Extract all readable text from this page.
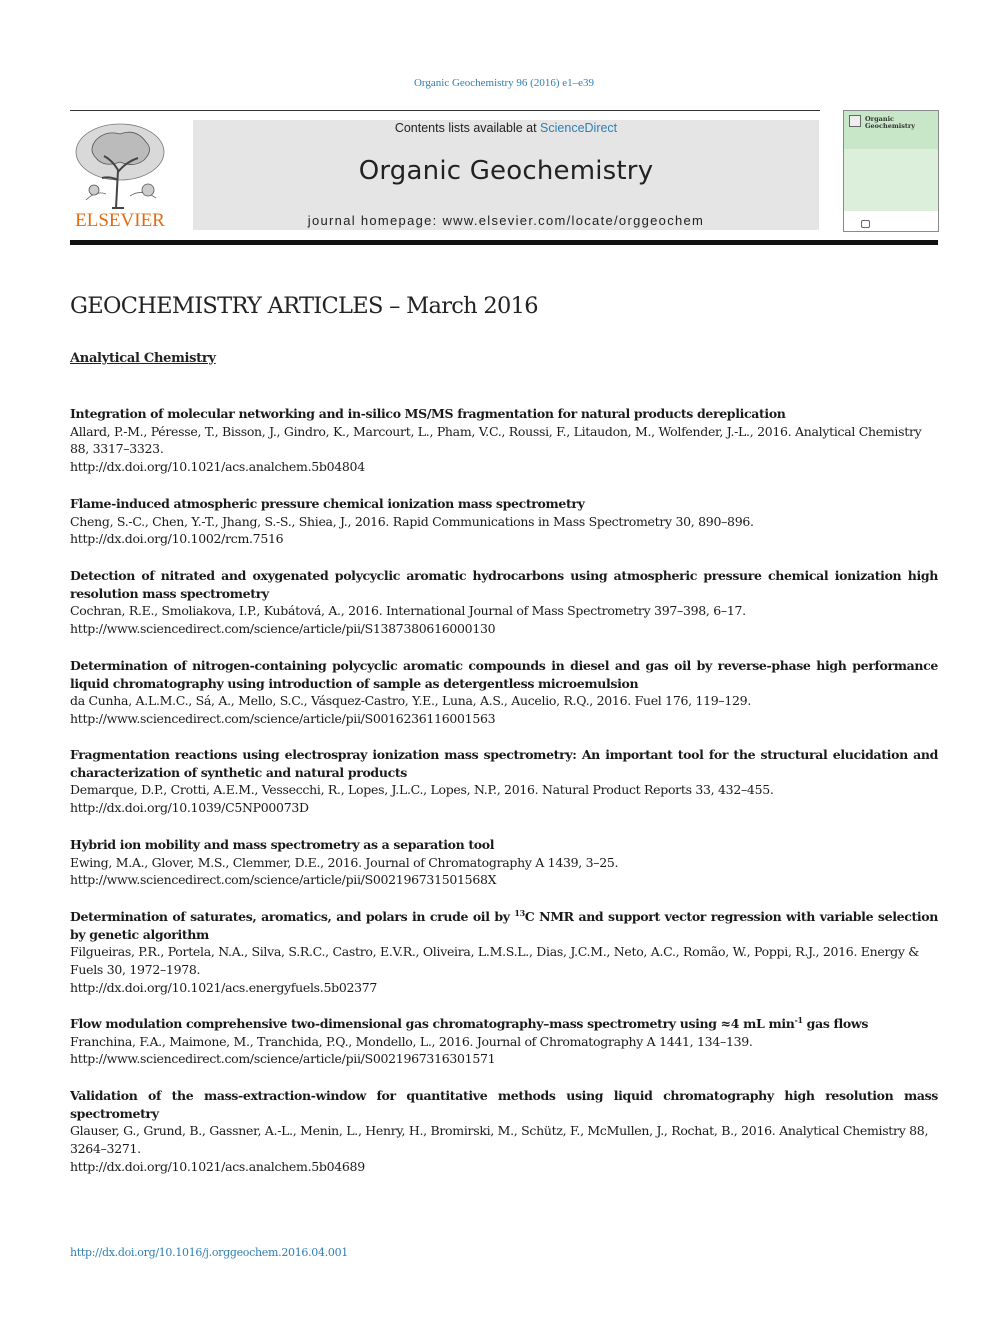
Organic Geochemistry 96 (2016) e1–e39
ELSEVIER
Contents lists available at ScienceDirect
Organic Geochemistry
journal homepage: www.elsevier.com/locate/orggeochem
Organic
Geochemistry
GEOCHEMISTRY ARTICLES – March 2016
Analytical Chemistry
Integration of molecular networking and in-silico MS/MS fragmentation for natural products dereplication
Allard, P.-M., Péresse, T., Bisson, J., Gindro, K., Marcourt, L., Pham, V.C., Roussi, F., Litaudon, M., Wolfender, J.-L., 2016. Analytical Chemistry 88, 3317–3323.
http://dx.doi.org/10.1021/acs.analchem.5b04804
Flame-induced atmospheric pressure chemical ionization mass spectrometry
Cheng, S.-C., Chen, Y.-T., Jhang, S.-S., Shiea, J., 2016. Rapid Communications in Mass Spectrometry 30, 890–896.
http://dx.doi.org/10.1002/rcm.7516
Detection of nitrated and oxygenated polycyclic aromatic hydrocarbons using atmospheric pressure chemical ionization high resolution mass spectrometry
Cochran, R.E., Smoliakova, I.P., Kubátová, A., 2016. International Journal of Mass Spectrometry 397–398, 6–17.
http://www.sciencedirect.com/science/article/pii/S1387380616000130
Determination of nitrogen-containing polycyclic aromatic compounds in diesel and gas oil by reverse-phase high performance liquid chromatography using introduction of sample as detergentless microemulsion
da Cunha, A.L.M.C., Sá, A., Mello, S.C., Vásquez-Castro, Y.E., Luna, A.S., Aucelio, R.Q., 2016. Fuel 176, 119–129.
http://www.sciencedirect.com/science/article/pii/S0016236116001563
Fragmentation reactions using electrospray ionization mass spectrometry: An important tool for the structural elucidation and characterization of synthetic and natural products
Demarque, D.P., Crotti, A.E.M., Vessecchi, R., Lopes, J.L.C., Lopes, N.P., 2016. Natural Product Reports 33, 432–455.
http://dx.doi.org/10.1039/C5NP00073D
Hybrid ion mobility and mass spectrometry as a separation tool
Ewing, M.A., Glover, M.S., Clemmer, D.E., 2016. Journal of Chromatography A 1439, 3–25.
http://www.sciencedirect.com/science/article/pii/S002196731501568X
Determination of saturates, aromatics, and polars in crude oil by $^{13}$C NMR and support vector regression with variable selection by genetic algorithm
Filgueiras, P.R., Portela, N.A., Silva, S.R.C., Castro, E.V.R., Oliveira, L.M.S.L., Dias, J.C.M., Neto, A.C., Romão, W., Poppi, R.J., 2016. Energy & Fuels 30, 1972–1978.
http://dx.doi.org/10.1021/acs.energyfuels.5b02377
Flow modulation comprehensive two-dimensional gas chromatography–mass spectrometry using ≈4 mL $\min^{-1}$ gas flows
Franchina, F.A., Maimone, M., Tranchida, P.Q., Mondello, L., 2016. Journal of Chromatography A 1441, 134–139.
http://www.sciencedirect.com/science/article/pii/S0021967316301571
Validation of the mass-extraction-window for quantitative methods using liquid chromatography high resolution mass spectrometry
Glauser, G., Grund, B., Gassner, A.-L., Menin, L., Henry, H., Bromirski, M., Schütz, F., McMullen, J., Rochat, B., 2016. Analytical Chemistry 88, 3264–3271.
http://dx.doi.org/10.1021/acs.analchem.5b04689
http://dx.doi.org/10.1016/j.orggeochem.2016.04.001
